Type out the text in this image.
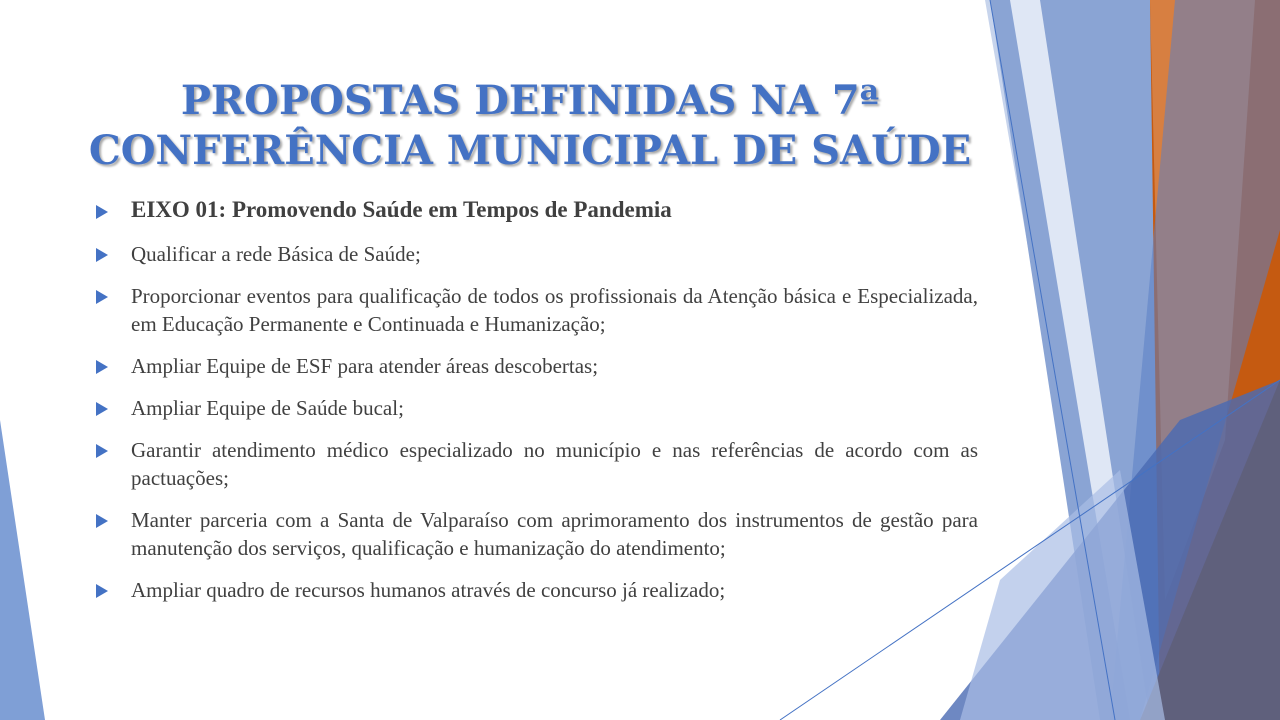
PROPOSTAS DEFINIDAS NA 7ª
CONFERÊNCIA MUNICIPAL DE SAÚDE
EIXO 01: Promovendo Saúde em Tempos de Pandemia
Qualificar a rede Básica de Saúde;
Proporcionar eventos para qualificação de todos os profissionais da Atenção básica e Especializada, em Educação Permanente e Continuada e Humanização;
Ampliar Equipe de ESF para atender áreas descobertas;
Ampliar Equipe de Saúde bucal;
Garantir atendimento médico especializado no município e nas referências de acordo com as pactuações;
Manter parceria com a Santa de Valparaíso com aprimoramento dos instrumentos de gestão para manutenção dos serviços, qualificação e humanização do atendimento;
Ampliar quadro de recursos humanos através de concurso já realizado;
